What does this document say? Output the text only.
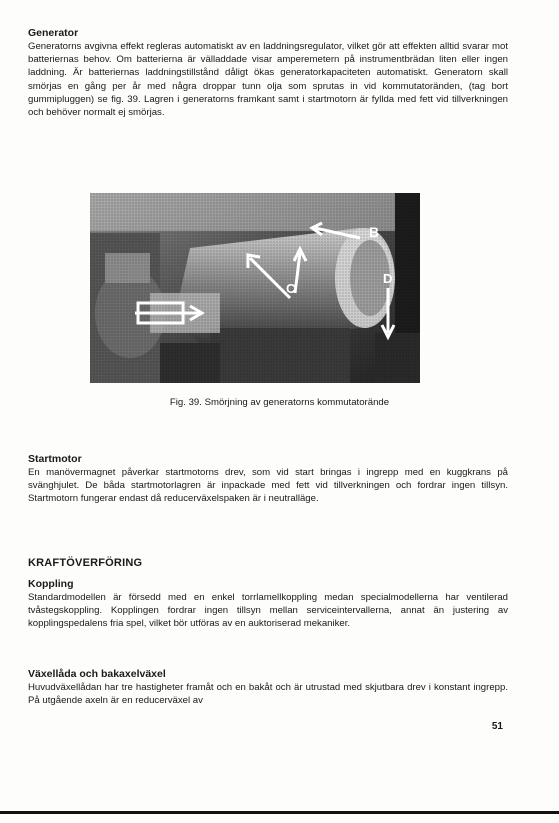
Generator

Generatorns avgivna effekt regleras automatiskt av en laddningsregulator, vilket gör att effekten alltid svarar mot batteriernas behov. Om batterierna är välladdade visar amperemetern på instrumentbrädan liten eller ingen laddning. Är batteriernas laddningstillstånd dåligt ökas generatorkapaciteten automatiskt. Generatorn skall smörjas en gång per år med några droppar tunn olja som sprutas in vid kommutatoränden, (tag bort gummipluggen) se fig. 39. Lagren i generatorns framkant samt i startmotorn är fyllda med fett vid tillverkningen och behöver normalt ej smörjas.

B
C
D
Fig. 39. Smörjning av generatorns kommutatorände

Startmotor

En manövermagnet påverkar startmotorns drev, som vid start bringas i ingrepp med en kuggkrans på svänghjulet. De båda startmotorlagren är inpackade med fett vid tillverkningen och fordrar ingen tillsyn. Startmotorn fungerar endast då reducerväxelspaken är i neutralläge.

KRAFTÖVERFÖRING

Koppling

Standardmodellen är försedd med en enkel torrlamellkoppling medan specialmodellerna har ventilerad tvåstegskoppling. Kopplingen fordrar ingen tillsyn mellan serviceintervallerna, annat än justering av kopplingspedalens fria spel, vilket bör utföras av en auktoriserad mekaniker.

Växellåda och bakaxelväxel

Huvudväxellådan har tre hastigheter framåt och en bakåt och är utrustad med skjutbara drev i konstant ingrepp. På utgående axeln är en reducerväxel av

51
